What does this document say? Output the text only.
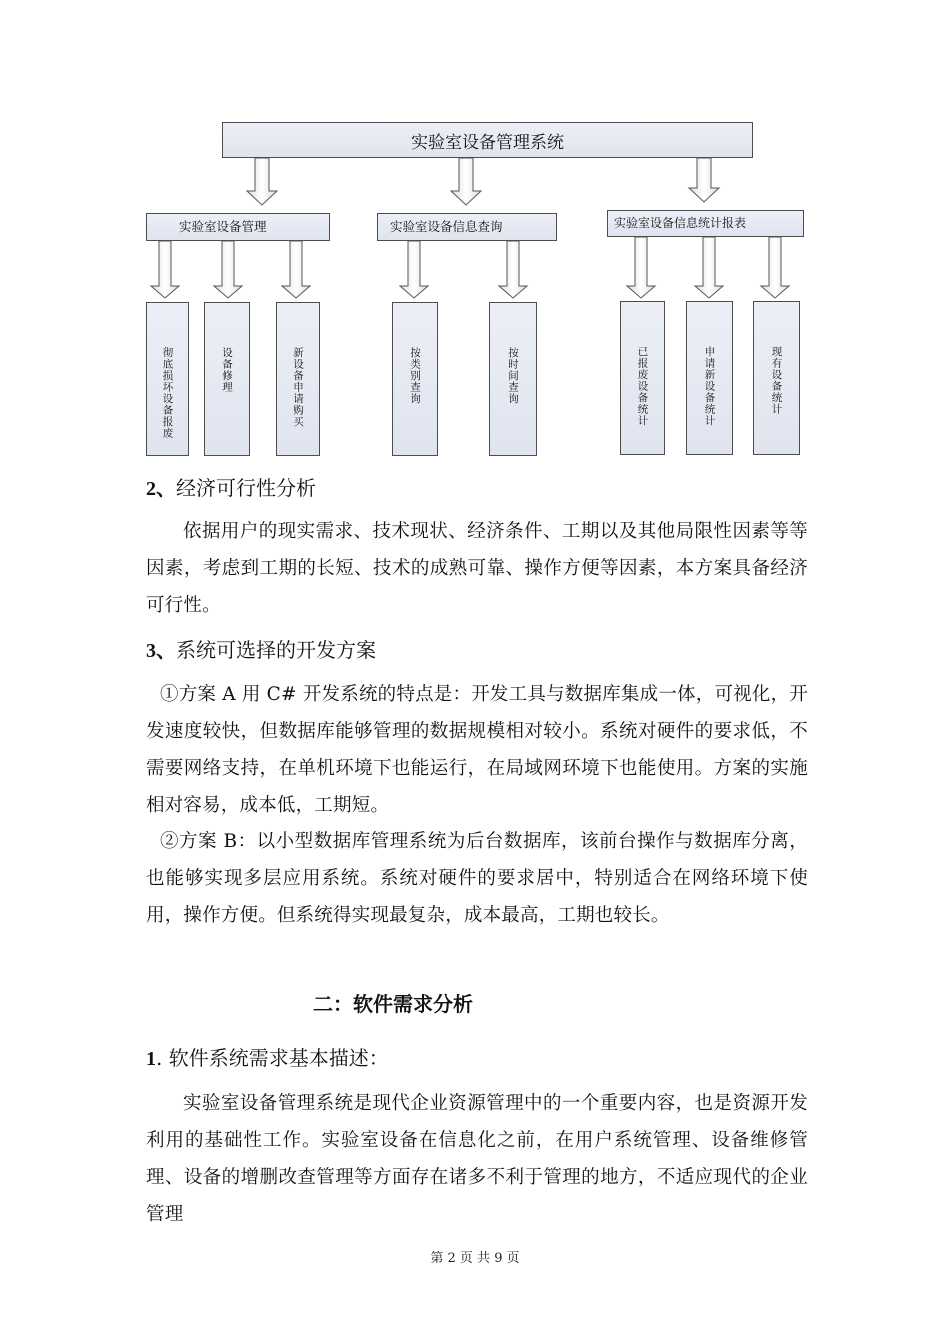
实验室设备管理系统
实验室设备管理	实验室设备信息查询	实验室设备信息统计报表
彻底损坏设备报废	设备修理	新设备申请购买	按类别查询	按时间查询	已报废设备统计	申请新设备统计	现有设备统计
2、经济可行性分析

依据用户的现实需求、技术现状、经济条件、工期以及其他局限性因素等等因素，考虑到工期的长短、技术的成熟可靠、操作方便等因素，本方案具备经济可行性。

3、系统可选择的开发方案

①方案 A 用 C# 开发系统的特点是：开发工具与数据库集成一体，可视化，开发速度较快，但数据库能够管理的数据规模相对较小。系统对硬件的要求低，不需要网络支持，在单机环境下也能运行，在局域网环境下也能使用。方案的实施相对容易，成本低，工期短。

②方案 B：以小型数据库管理系统为后台数据库，该前台操作与数据库分离，也能够实现多层应用系统。系统对硬件的要求居中，特别适合在网络环境下使用，操作方便。但系统得实现最复杂，成本最高，工期也较长。

二：软件需求分析
1. 软件系统需求基本描述：

实验室设备管理系统是现代企业资源管理中的一个重要内容，也是资源开发利用的基础性工作。实验室设备在信息化之前，在用户系统管理、设备维修管理、设备的增删改查管理等方面存在诸多不利于管理的地方，不适应现代的企业管理

第 2 页 共 9 页
